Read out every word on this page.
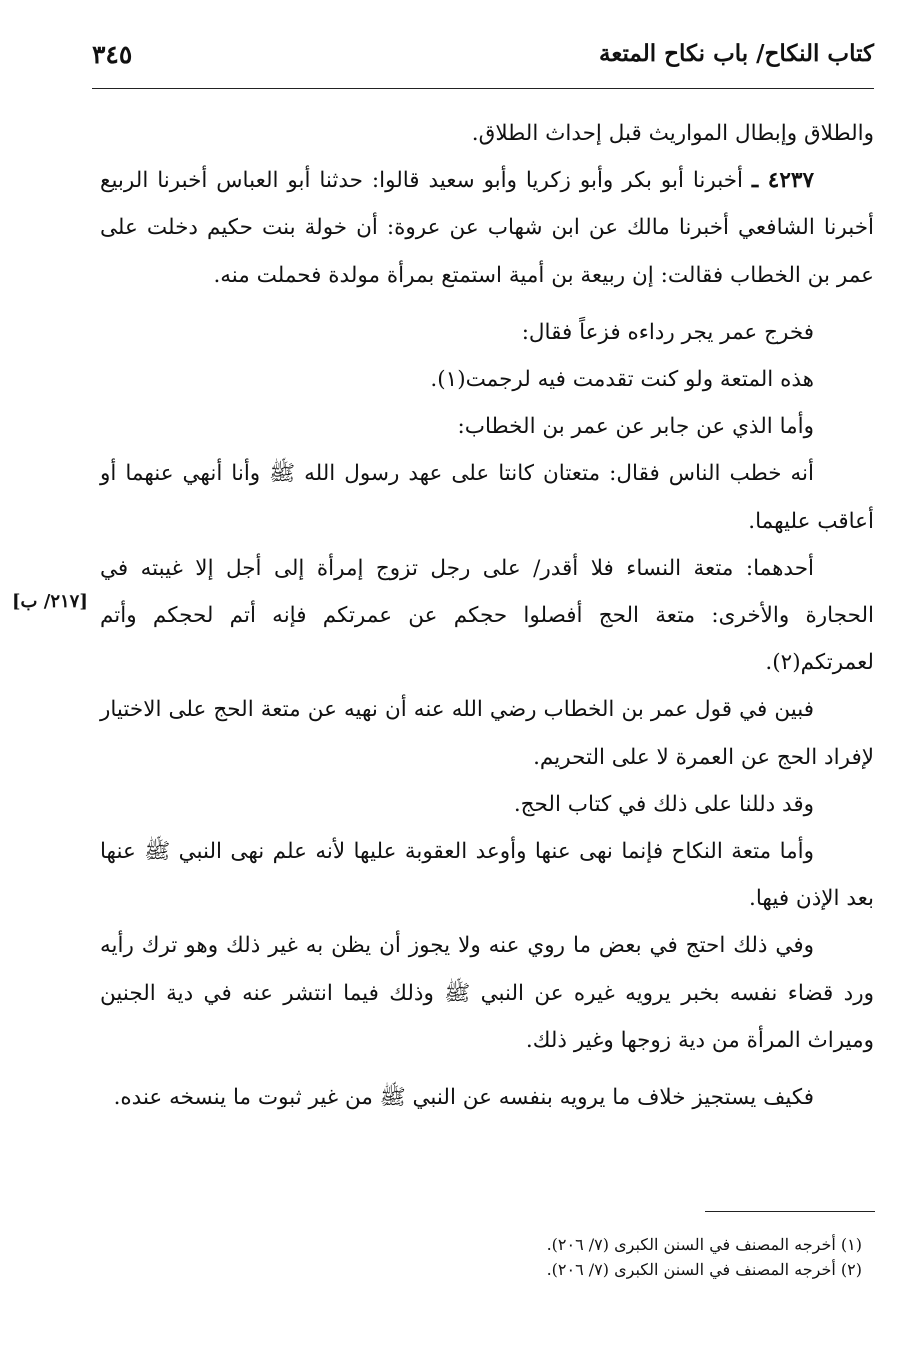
كتاب النكاح/ باب نكاح المتعة
٣٤٥
[٢١٧/ ب]

والطلاق وإبطال المواريث قبل إحداث الطلاق.

٤٢٣٧ ـ أخبرنا أبو بكر وأبو زكريا وأبو سعيد قالوا: حدثنا أبو العباس أخبرنا الربيع أخبرنا الشافعي أخبرنا مالك عن ابن شهاب عن عروة: أن خولة بنت حكيم دخلت على عمر بن الخطاب فقالت: إن ربيعة بن أمية استمتع بمرأة مولدة فحملت منه.

فخرج عمر يجر رداءه فزعاً فقال:

هذه المتعة ولو كنت تقدمت فيه لرجمت(١).

وأما الذي عن جابر عن عمر بن الخطاب:

أنه خطب الناس فقال: متعتان كانتا على عهد رسول الله ﷺ وأنا أنهي عنهما أو أعاقب عليهما.

أحدهما: متعة النساء فلا أقدر/ على رجل تزوج إمرأة إلى أجل إلا غيبته في الحجارة والأخرى: متعة الحج أفصلوا حجكم عن عمرتكم فإنه أتم لحجكم وأتم لعمرتكم(٢).

فبين في قول عمر بن الخطاب رضي الله عنه أن نهيه عن متعة الحج على الاختيار لإفراد الحج عن العمرة لا على التحريم.

وقد دللنا على ذلك في كتاب الحج.

وأما متعة النكاح فإنما نهى عنها وأوعد العقوبة عليها لأنه علم نهى النبي ﷺ عنها بعد الإذن فيها.

وفي ذلك احتج في بعض ما روي عنه ولا يجوز أن يظن به غير ذلك وهو ترك رأيه ورد قضاء نفسه بخبر يرويه غيره عن النبي ﷺ وذلك فيما انتشر عنه في دية الجنين وميراث المرأة من دية زوجها وغير ذلك.

فكيف يستجيز خلاف ما يرويه بنفسه عن النبي ﷺ من غير ثبوت ما ينسخه عنده.

(١) أخرجه المصنف في السنن الكبرى (٧/ ٢٠٦).

(٢) أخرجه المصنف في السنن الكبرى (٧/ ٢٠٦).
